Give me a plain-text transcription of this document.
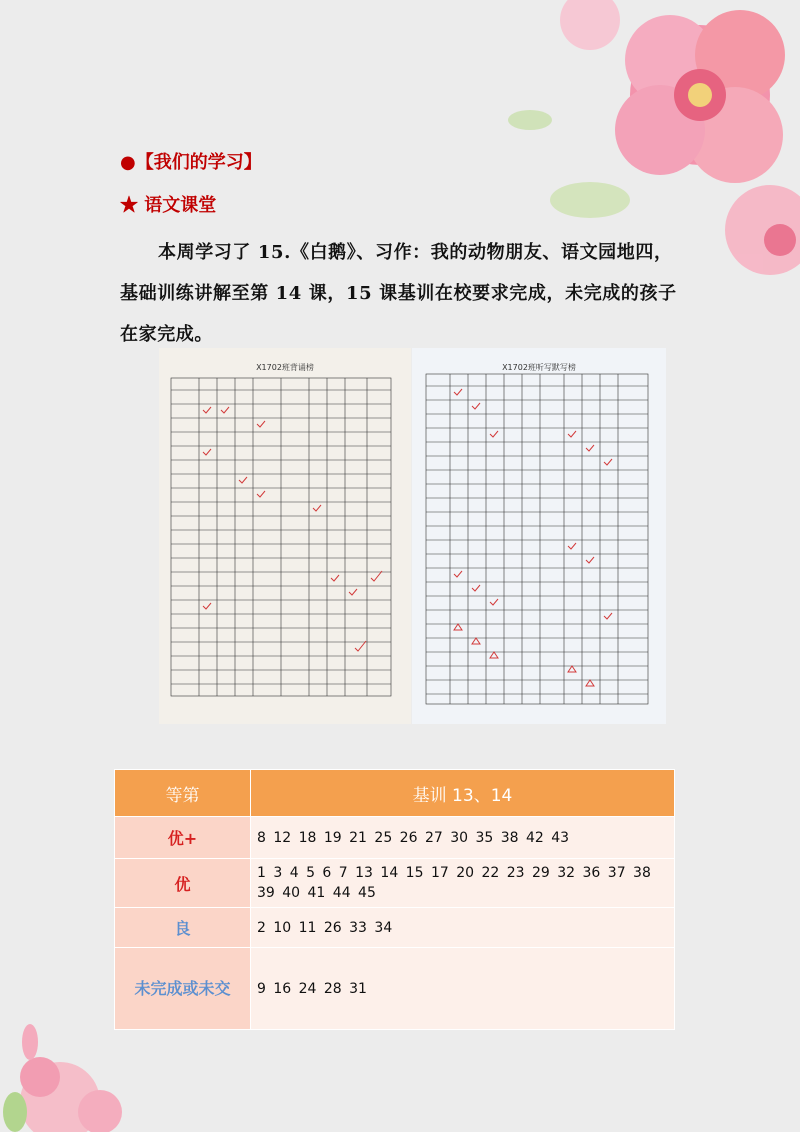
●【我们的学习】
★ 语文课堂
本周学习了 15.《白鹅》、习作：我的动物朋友、语文园地四，基础训练讲解至第 14 课，15 课基训在校要求完成，未完成的孩子在家完成。
X1702班背诵榜	X1702班听写默写榜
等第	基训 13、14
优+	8 12 18 19 21 25 26 27 30 35 38 42 43
优	1 3 4 5 6 7 13 14 15 17 20 22 23 29 32 36 37 38 39 40 41 44 45
良	2 10 11 26 33 34
未完成或未交	9 16 24 28 31
